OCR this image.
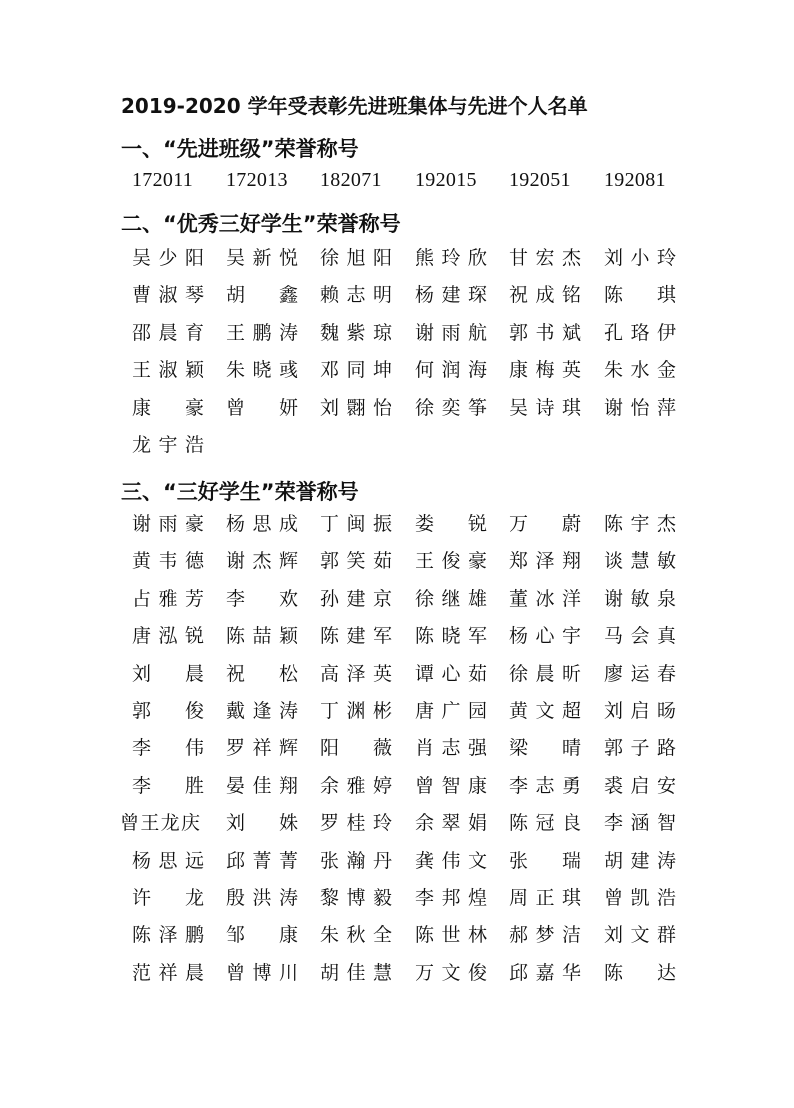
2019-2020 学年受表彰先进班集体与先进个人名单
一、“先进班级”荣誉称号
172011	172013	182071	192015	192051	192081
二、“优秀三好学生”荣誉称号
吴少阳 吴新悦 徐旭阳 熊玲欣 甘宏杰 刘小玲
曹淑琴 胡　鑫 赖志明 杨建琛 祝成铭 陈　琪
邵晨育 王鹏涛 魏紫琼 谢雨航 郭书斌 孔珞伊
王淑颖 朱晓彧 邓同坤 何润海 康梅英 朱水金
康　豪 曾　妍 刘翾怡 徐奕筝 吴诗琪 谢怡萍
龙宇浩
三、“三好学生”荣誉称号
谢雨豪 杨思成 丁闽振 娄　锐 万　蔚 陈宇杰
黄韦德 谢杰辉 郭笑茹 王俊豪 郑泽翔 谈慧敏
占雅芳 李　欢 孙建京 徐继雄 董冰洋 谢敏泉
唐泓锐 陈喆颖 陈建军 陈晓军 杨心宇 马会真
刘　晨 祝　松 高泽英 谭心茹 徐晨昕 廖运春
郭　俊 戴逢涛 丁渊彬 唐广园 黄文超 刘启旸
李　伟 罗祥辉 阳　薇 肖志强 梁　晴 郭子路
李　胜 晏佳翔 余雅婷 曾智康 李志勇 裘启安
曾王龙庆 刘　姝 罗桂玲 余翠娟 陈冠良 李涵智
杨思远 邱菁菁 张瀚丹 龚伟文 张　瑞 胡建涛
许　龙 殷洪涛 黎博毅 李邦煌 周正琪 曾凯浩
陈泽鹏 邹　康 朱秋全 陈世林 郝梦洁 刘文群
范祥晨 曾博川 胡佳慧 万文俊 邱嘉华 陈　达
